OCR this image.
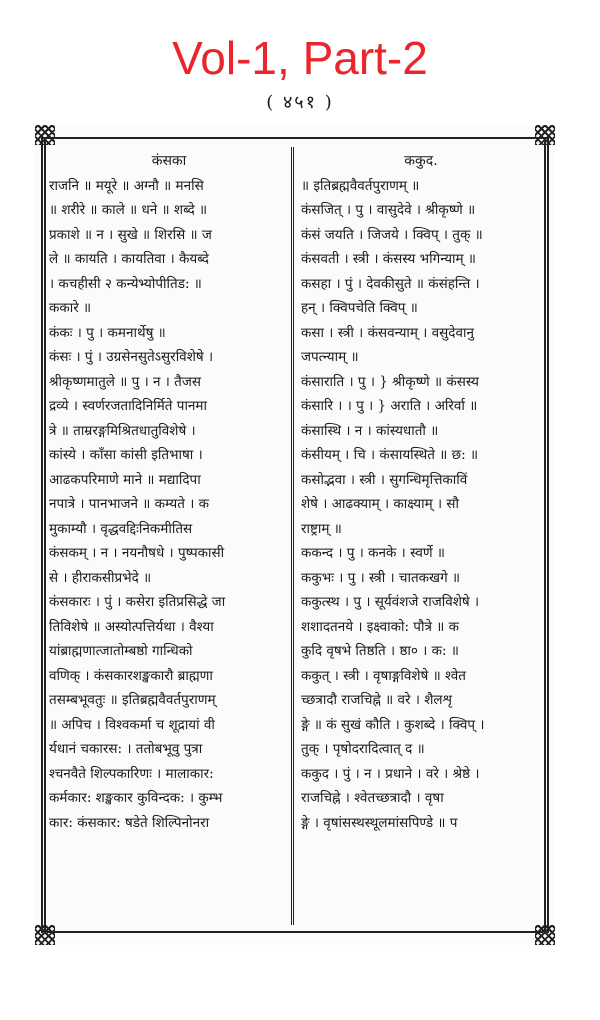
Vol-1, Part-2
( ४५१ )
कंसका
राजनि ॥ मयूरे ॥ अग्नौ ॥ मनसि
॥ शरीरे ॥ काले ॥ धने ॥ शब्दे ॥
प्रकाशे ॥ न । सुखे ॥ शिरसि ॥ ज
ले ॥ कायति । कायतिवा । कैयब्दे
। कचहीसी २ कन्येभ्योपीतिड: ॥
ककारे ॥
कंकः । पु । कमनार्थेषु ॥
कंसः । पुं । उग्रसेनसुतेऽसुरविशेषे ।
श्रीकृष्णमातुले ॥ पु । न । तैजस
द्रव्ये । स्वर्णरजतादिनिर्मिते पानमा
त्रे ॥ ताम्ररङ्गमिश्रितधातुविशेषे ।
कांस्ये । काँसा कांसी इतिभाषा ।
आढकपरिमाणे माने ॥ मद्यादिपा
नपात्रे । पानभाजने ॥ कम्यते । क
मुकाम्यौ । वृद्धवद्दिःनिकमीतिस
कंसकम् । न । नयनौषधे । पुष्पकासी
से । हीराकसीप्रभेदे ॥
कंसकारः । पुं । कसेरा इतिप्रसिद्धे जा
तिविशेषे ॥ अस्योत्पत्तिर्यथा । वैश्या
यांब्राह्मणात्जातोम्बष्ठो गान्धिको
वणिक् । कंसकारशङ्खकारौ ब्राह्मणा
तसम्बभूवतुः ॥ इतिब्रह्मवैवर्तपुराणम्
॥ अपिच । विश्वकर्मा च शूद्रायां वी
र्यधानं चकारस: । ततोबभूवु पुत्रा
श्चनवैते शिल्पकारिणः । मालाकार:
कर्मकार: शङ्खकार कुविन्दक: । कुम्भ
कार: कंसकार: षडेते शिल्पिनोनरा
ककुद.
॥ इतिब्रह्मवैवर्तपुराणम् ॥
कंसजित् । पु । वासुदेवे । श्रीकृष्णे ॥
कंसं जयति । जिजये । क्विप् । तुक् ॥
कंसवती । स्त्री । कंसस्य भगिन्याम् ॥
कसहा । पुं । देवकीसुते ॥ कंसंहन्ति ।
हन् । क्विपचेति क्विप् ॥
कसा । स्त्री । कंसवन्याम् । वसुदेवानु
जपत्न्याम् ॥
कंसाराति । पु । } श्रीकृष्णे ॥ कंसस्य
कंसारि । । पु । } अराति । अरिर्वा ॥
कंसास्थि । न । कांस्यधातौ ॥
कंसीयम् । चि । कंसायस्थिते ॥ छ: ॥
कसोद्भवा । स्त्री । सुगन्धिमृत्तिकाविं
शेषे । आढक्याम् । काक्ष्याम् । सौ
राष्ट्राम् ॥
ककन्द । पु । कनके । स्वर्णे ॥
ककुभः । पु । स्त्री । चातकखगे ॥
ककुत्स्थ । पु । सूर्यवंशजे राजविशेषे ।
शशादतनये । इक्ष्वाको: पौत्रे ॥ क
कुदि वृषभे तिष्ठति । ष्ठा० । क: ॥
ककुत् । स्त्री । वृषाङ्गविशेषे ॥ श्वेत
च्छत्रादौ राजचिह्ने ॥ वरे । शैलशृ
ङ्गे ॥ कं सुखं कौति । कुशब्दे । क्विप् ।
तुक् । पृषोदरादित्वात् द ॥
ककुद । पुं । न । प्रधाने । वरे । श्रेष्ठे ।
राजचिह्ने । श्वेतच्छत्रादौ । वृषा
ङ्गे । वृषांसस्थस्थूलमांसपिण्डे ॥ प
